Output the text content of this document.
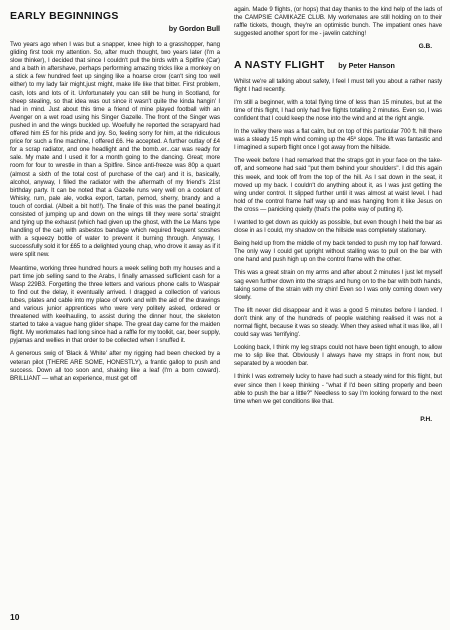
EARLY BEGINNINGS
by Gordon Bull

Two years ago when I was but a snapper, knee high to a grasshopper, hang gliding first took my attention. So, after much thought, two years later (I'm a slow thinker), I decided that since I couldn't pull the birds with a Spitfire (Car) and a bath in aftershave, perhaps performing amazing tricks like a monkey on a stick a few hundred feet up singing like a hoarse crow (can't sing too well either) to my lady fair might,just might, make life like that bitter. First problem, cash, lots and lots of it. Unfortunately you can still be hung in Scotland, for sheep stealing, so that idea was out since it wasn't quite the kinda hangin' I had in mind. Just about this time a friend of mine played football with an Avenger on a wet road using his Singer Gazelle. The front of the Singer was pushed in and the wings buckled up. Woefully he reported the scrapyard had offered him £5 for his pride and joy. So, feeling sorry for him, at the ridiculous price for such a fine machine, I offered £6. He accepted. A further outlay of £4 for a scrap radiator, and one headlight and the bomb..er...car was ready for sale. My mate and I used it for a month going to the dancing. Great; more room for four to wrestle in than a Spitfire. Since anti-freeze was 80p a quart (almost a sixth of the total cost of purchase of the car) and it is, basically, alcohol, anyway, I filled the radiator with the aftermath of my friend's 21st birthday party. It can be noted that a Gazelle runs very well on a coolant of Whisky, rum, pale ale, vodka export, tartan, pernod, sherry, brandy and a touch of cordial. (Albeit a bit hot!!). The finale of this was the panel beating,it consisted of jumping up and down on the wings till they were sorta' straight and tying up the exhaust (which had given up the ghost, with the Le Mans type handling of the car) with asbestos bandage which required frequent scoshes with a squeezy bottle of water to prevent it burning through. Anyway, I successfully sold it for £65 to a delighted young chap, who drove it away as if it were split new.

Meantime, working three hundred hours a week selling both my houses and a part time job selling sand to the Arabs, I finally amassed sufficient cash for a Wasp 229B3. Forgetting the three letters and various phone calls to Waspair to find out the delay, it eventually arrived. I dragged a collection of various tubes, plates and cable into my place of work and with the aid of the drawings and various junior apprentices who were very politely asked, ordered or threatened with keelhauling, to assist during the dinner hour, the skeleton started to take a vague hang glider shape. The great day came for the maiden flight. My workmates had long since had a raffle for my toolkit, car, beer supply, pyjamas and wellies in that order to be collected when I snuffed it.

A generous swig of 'Black & White' after my rigging had been checked by a veteran pilot (THERE ARE SOME, HONESTLY), a frantic gallop to push and success. Down all too soon and, shaking like a leaf (I'm a born coward). BRILLIANT — what an experience, must get off

again. Made 9 flights, (or hops) that day thanks to the kind help of the lads of the CAMPSIE CAMIKAZE CLUB. My workmates are still holding on to their raffle tickets, though, they're an optimistic bunch. The impatient ones have suggested another sport for me - javelin catching!

G.B.
A NASTY FLIGHT by Peter Hanson

Whilst we're all talking about safety, I feel I must tell you about a rather nasty flight I had recently.

I'm still a beginner, with a total flying time of less than 15 minutes, but at the time of this flight, I had only had five flights totalling 2 minutes. Even so, I was confident that I could keep the nose into the wind and at the right angle.

In the valley there was a flat calm, but on top of this particular 700 ft. hill there was a steady 15 mph wind coming up the 45º slope. The lift was fantastic and I imagined a superb flight once I got away from the hillside.

The week before I had remarked that the straps got in your face on the take-off, and someone had said "put them behind your shoulders". I did this again this week, and took off from the top of the hill. As I sat down in the seat, it moved up my back. I couldn't do anything about it, as I was just getting the wing under control. It slipped further until it was almost at waist level. I had hold of the control frame half way up and was hanging from it like Jesus on the cross — panicking quietly (that's the polite way of putting it).

I wanted to get down as quickly as possible, but even though I held the bar as close in as I could, my shadow on the hillside was completely stationary.

Being held up from the middle of my back tended to push my top half forward. The only way I could get upright without stalling was to pull on the bar with one hand and push high up on the control frame with the other.

This was a great strain on my arms and after about 2 minutes I just let myself sag even further down into the straps and hung on to the bar with both hands, taking some of the strain with my chin! Even so I was only coming down very slowly.

The lift never did disappear and it was a good 5 minutes before I landed. I don't think any of the hundreds of people watching realised it was not a normal flight, because it was so steady. When they asked what it was like, all I could say was 'terrifying'.

Looking back, I think my leg straps could not have been tight enough, to allow me to slip like that. Obviously I always have my straps in front now, but separated by a wooden bar.

I think I was extremely lucky to have had such a steady wind for this flight, but ever since then I keep thinking - "what if I'd been sitting properly and been able to push the bar a little?" Needless to say I'm looking forward to the next time when we get conditions like that.

P.H.
10
